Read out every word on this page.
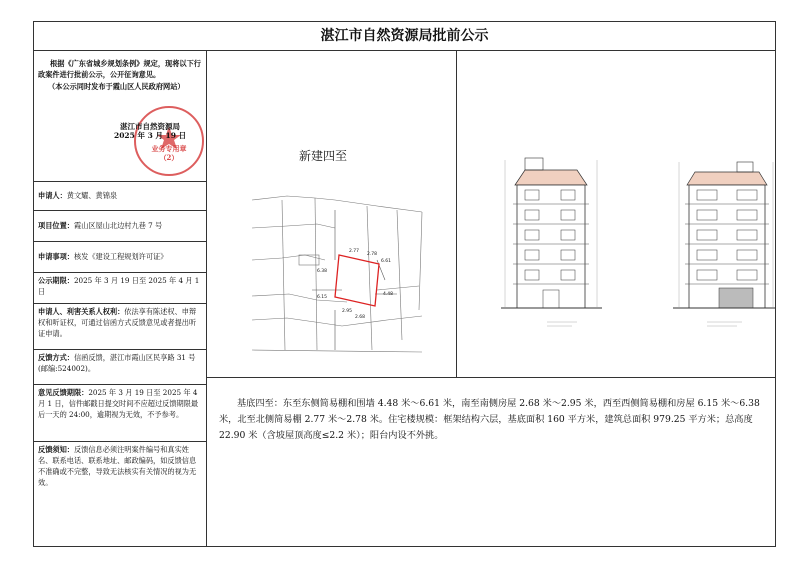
湛江市自然资源局批前公示

根据《广东省城乡规划条例》规定，现将以下行政案件进行批前公示，公开征询意见。

（本公示同时发布于霞山区人民政府网站）

业务专用章
（2）
湛江市自然资源局
2025 年 3 月 19 日
申请人：黄文耀、黄锦泉
项目位置：霞山区屋山北边村九巷 7 号
申请事项：核发《建设工程规划许可证》
公示期限：2025 年 3 月 19 日至 2025 年 4 月 1 日
申请人、利害关系人权利：依法享有陈述权、申辩权和听证权，可通过信函方式反馈意见或者提出听证申请。
反馈方式：信函反馈，湛江市霞山区民享路 31 号(邮编:524002)。
意见反馈期限：2025 年 3 月 19 日至 2025 年 4 月 1 日，信件邮戳日提交时间不应超过反馈期限最后一天的 24:00，逾期视为无效，不予参考。
反馈须知：反馈信息必须注明案件编号和真实姓名、联系电话、联系地址、邮政编码，如反馈信息不准确或不完整，导致无法核实有关情况的视为无效。
新建四至
4.48
6.61
2.68
2.95
6.15
6.38
2.77
2.78
基底四至：东至东侧简易棚和围墙 4.48 米～6.61 米，南至南侧房屋 2.68 米～2.95 米，西至西侧简易棚和房屋 6.15 米～6.38 米，北至北侧简易棚 2.77 米～2.78 米。住宅楼规模：框架结构六层，基底面积 160 平方米，建筑总面积 979.25 平方米；总高度 22.90 米（含坡屋顶高度≤2.2 米）；阳台内设不外挑。
